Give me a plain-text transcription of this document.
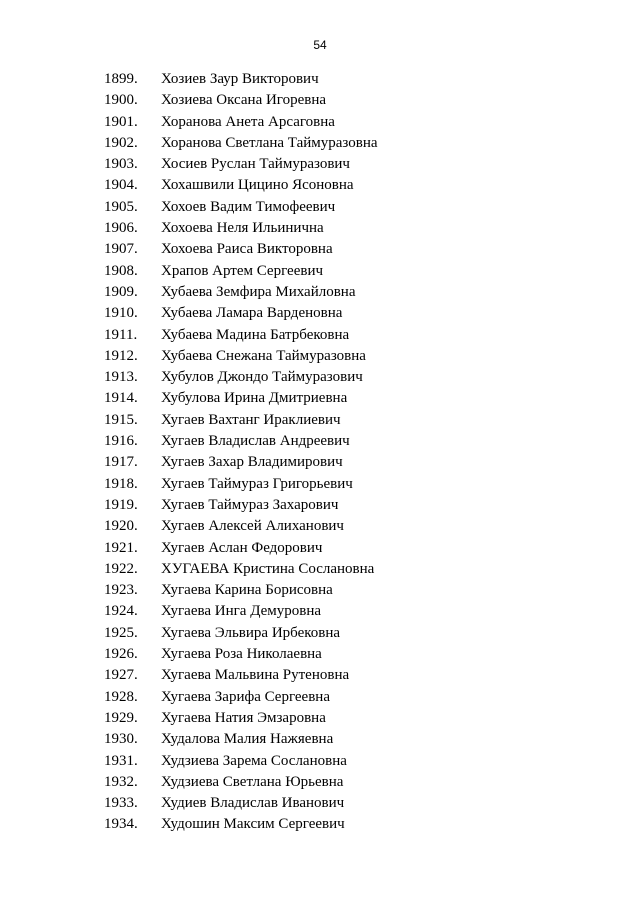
54
1899. Хозиев Заур Викторович
1900. Хозиева Оксана Игоревна
1901. Хоранова Анета Арсаговна
1902. Хоранова Светлана Таймуразовна
1903. Хосиев Руслан Таймуразович
1904. Хохашвили Цицино Ясоновна
1905. Хохоев Вадим Тимофеевич
1906. Хохоева Неля Ильинична
1907. Хохоева Раиса Викторовна
1908. Храпов Артем Сергеевич
1909. Хубаева Земфира Михайловна
1910. Хубаева Ламара Варденовна
1911. Хубаева Мадина Батрбековна
1912. Хубаева Снежана Таймуразовна
1913. Хубулов Джондо Таймуразович
1914. Хубулова Ирина Дмитриевна
1915. Хугаев Вахтанг Ираклиевич
1916. Хугаев Владислав Андреевич
1917. Хугаев Захар Владимирович
1918. Хугаев Таймураз Григорьевич
1919. Хугаев Таймураз Захарович
1920. Хугаев Алексей Алиханович
1921. Хугаев Аслан Федорович
1922. ХУГАЕВА Кристина Сослановна
1923. Хугаева Карина Борисовна
1924. Хугаева Инга Демуровна
1925. Хугаева Эльвира Ирбековна
1926. Хугаева Роза Николаевна
1927. Хугаева Мальвина Рутеновна
1928. Хугаева Зарифа Сергеевна
1929. Хугаева Натия Эмзаровна
1930. Худалова Малия Нажяевна
1931. Худзиева Зарема Сослановна
1932. Худзиева Светлана Юрьевна
1933. Худиев Владислав Иванович
1934. Худошин Максим Сергеевич
